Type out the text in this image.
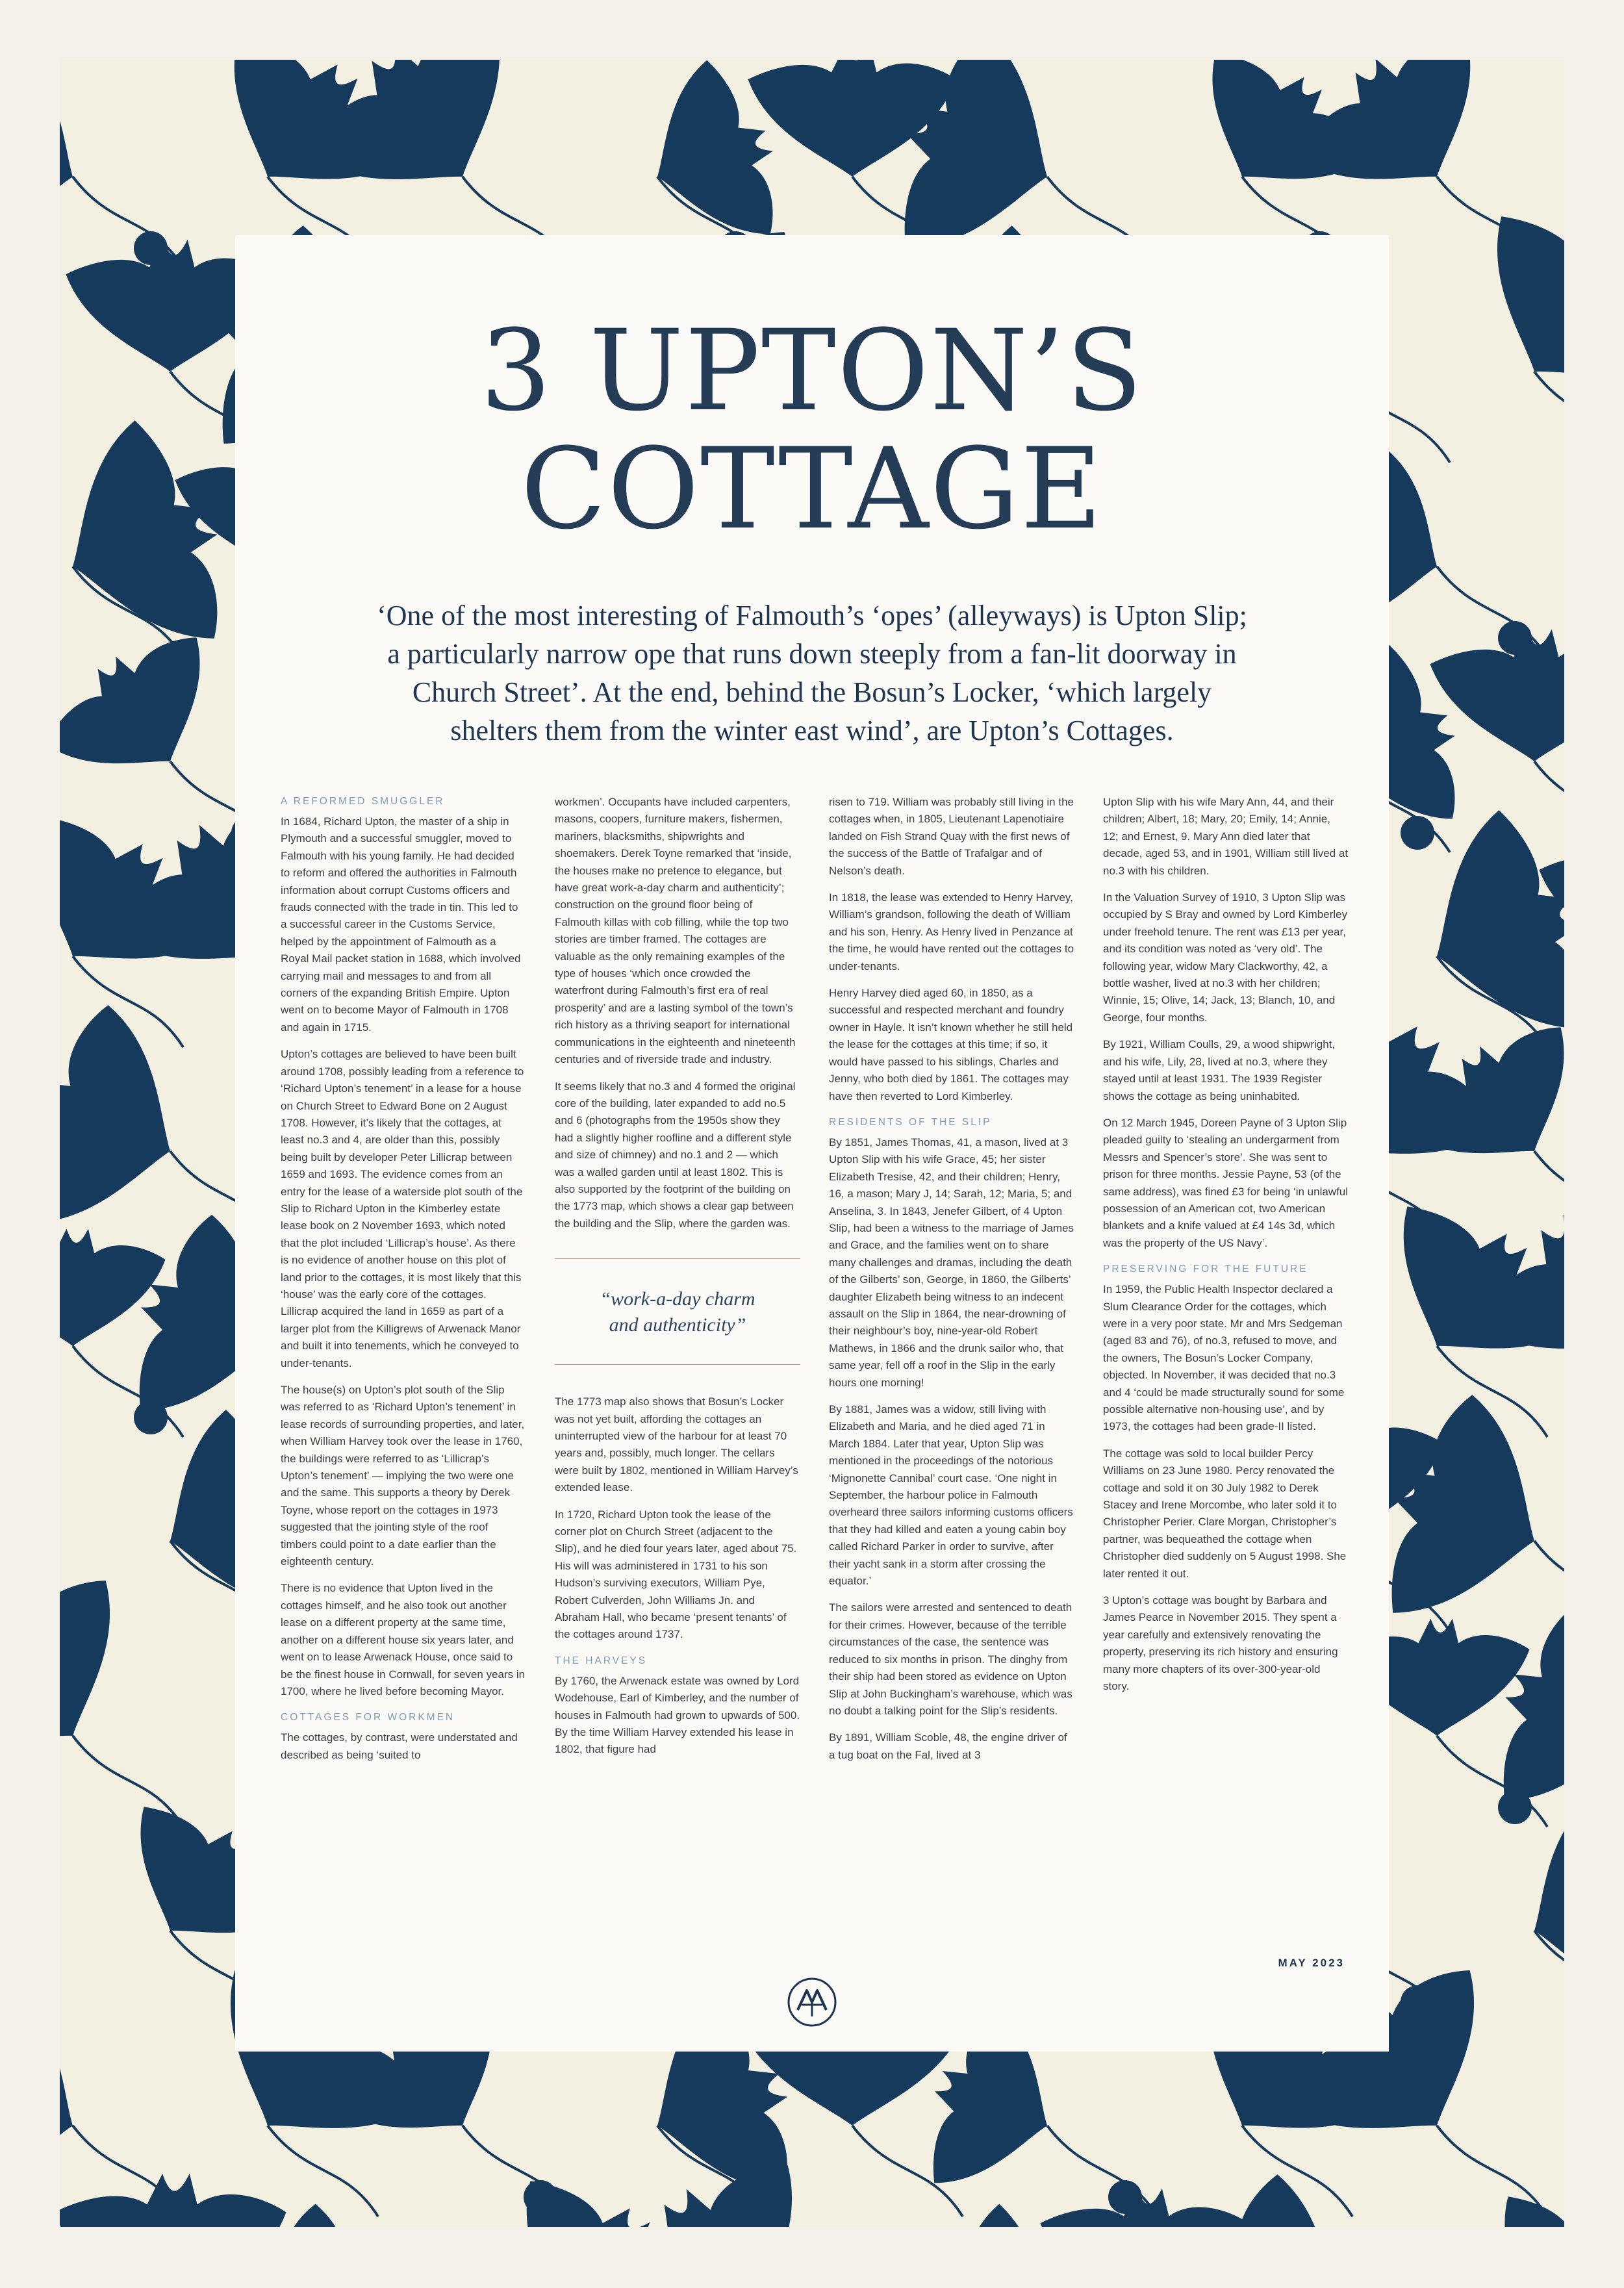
3 UPTON’S
COTTAGE

‘One of the most interesting of Falmouth’s ‘opes’ (alleyways) is Upton Slip; a particularly narrow ope that runs down steeply from a fan-lit doorway in Church Street’. At the end, behind the Bosun’s Locker, ‘which largely shelters them from the winter east wind’, are Upton’s Cottages.

A REFORMED SMUGGLER

In 1684, Richard Upton, the master of a ship in Plymouth and a successful smuggler, moved to Falmouth with his young family. He had decided to reform and offered the authorities in Falmouth information about corrupt Customs officers and frauds connected with the trade in tin. This led to a successful career in the Customs Service, helped by the appointment of Falmouth as a Royal Mail packet station in 1688, which involved carrying mail and messages to and from all corners of the expanding British Empire. Upton went on to become Mayor of Falmouth in 1708 and again in 1715.

Upton’s cottages are believed to have been built around 1708, possibly leading from a reference to ‘Richard Upton’s tenement’ in a lease for a house on Church Street to Edward Bone on 2 August 1708. However, it’s likely that the cottages, at least no.3 and 4, are older than this, possibly being built by developer Peter Lillicrap between 1659 and 1693. The evidence comes from an entry for the lease of a waterside plot south of the Slip to Richard Upton in the Kimberley estate lease book on 2 November 1693, which noted that the plot included ‘Lillicrap’s house’. As there is no evidence of another house on this plot of land prior to the cottages, it is most likely that this ‘house’ was the early core of the cottages. Lillicrap acquired the land in 1659 as part of a larger plot from the Killigrews of Arwenack Manor and built it into tenements, which he conveyed to under-tenants.

The house(s) on Upton’s plot south of the Slip was referred to as ‘Richard Upton’s tenement’ in lease records of surrounding properties, and later, when William Harvey took over the lease in 1760, the buildings were referred to as ‘Lillicrap’s Upton’s tenement’ — implying the two were one and the same. This supports a theory by Derek Toyne, whose report on the cottages in 1973 suggested that the jointing style of the roof timbers could point to a date earlier than the eighteenth century.

There is no evidence that Upton lived in the cottages himself, and he also took out another lease on a different property at the same time, another on a different house six years later, and went on to lease Arwenack House, once said to be the finest house in Cornwall, for seven years in 1700, where he lived before becoming Mayor.

COTTAGES FOR WORKMEN

The cottages, by contrast, were understated and described as being ‘suited to

workmen’. Occupants have included carpenters, masons, coopers, furniture makers, fishermen, mariners, blacksmiths, shipwrights and shoemakers. Derek Toyne remarked that ‘inside, the houses make no pretence to elegance, but have great work-a-day charm and authenticity’; construction on the ground floor being of Falmouth killas with cob filling, while the top two stories are timber framed. The cottages are valuable as the only remaining examples of the type of houses ‘which once crowded the waterfront during Falmouth’s first era of real prosperity’ and are a lasting symbol of the town’s rich history as a thriving seaport for international communications in the eighteenth and nineteenth centuries and of riverside trade and industry.

It seems likely that no.3 and 4 formed the original core of the building, later expanded to add no.5 and 6 (photographs from the 1950s show they had a slightly higher roofline and a different style and size of chimney) and no.1 and 2 — which was a walled garden until at least 1802. This is also supported by the footprint of the building on the 1773 map, which shows a clear gap between the building and the Slip, where the garden was.

“work-a-day charm
and authenticity”

The 1773 map also shows that Bosun’s Locker was not yet built, affording the cottages an uninterrupted view of the harbour for at least 70 years and, possibly, much longer. The cellars were built by 1802, mentioned in William Harvey’s extended lease.

In 1720, Richard Upton took the lease of the corner plot on Church Street (adjacent to the Slip), and he died four years later, aged about 75. His will was administered in 1731 to his son Hudson’s surviving executors, William Pye, Robert Culverden, John Williams Jn. and Abraham Hall, who became ‘present tenants’ of the cottages around 1737.

THE HARVEYS

By 1760, the Arwenack estate was owned by Lord Wodehouse, Earl of Kimberley, and the number of houses in Falmouth had grown to upwards of 500. By the time William Harvey extended his lease in 1802, that figure had

risen to 719. William was probably still living in the cottages when, in 1805, Lieutenant Lapenotiaire landed on Fish Strand Quay with the first news of the success of the Battle of Trafalgar and of Nelson’s death.

In 1818, the lease was extended to Henry Harvey, William’s grandson, following the death of William and his son, Henry. As Henry lived in Penzance at the time, he would have rented out the cottages to under-tenants.

Henry Harvey died aged 60, in 1850, as a successful and respected merchant and foundry owner in Hayle. It isn’t known whether he still held the lease for the cottages at this time; if so, it would have passed to his siblings, Charles and Jenny, who both died by 1861. The cottages may have then reverted to Lord Kimberley.

RESIDENTS OF THE SLIP

By 1851, James Thomas, 41, a mason, lived at 3 Upton Slip with his wife Grace, 45; her sister Elizabeth Tresise, 42, and their children; Henry, 16, a mason; Mary J, 14; Sarah, 12; Maria, 5; and Anselina, 3. In 1843, Jenefer Gilbert, of 4 Upton Slip, had been a witness to the marriage of James and Grace, and the families went on to share many challenges and dramas, including the death of the Gilberts’ son, George, in 1860, the Gilberts’ daughter Elizabeth being witness to an indecent assault on the Slip in 1864, the near-drowning of their neighbour’s boy, nine-year-old Robert Mathews, in 1866 and the drunk sailor who, that same year, fell off a roof in the Slip in the early hours one morning!

By 1881, James was a widow, still living with Elizabeth and Maria, and he died aged 71 in March 1884. Later that year, Upton Slip was mentioned in the proceedings of the notorious ‘Mignonette Cannibal’ court case. ‘One night in September, the harbour police in Falmouth overheard three sailors informing customs officers that they had killed and eaten a young cabin boy called Richard Parker in order to survive, after their yacht sank in a storm after crossing the equator.’

The sailors were arrested and sentenced to death for their crimes. However, because of the terrible circumstances of the case, the sentence was reduced to six months in prison. The dinghy from their ship had been stored as evidence on Upton Slip at John Buckingham’s warehouse, which was no doubt a talking point for the Slip’s residents.

By 1891, William Scoble, 48, the engine driver of a tug boat on the Fal, lived at 3

Upton Slip with his wife Mary Ann, 44, and their children; Albert, 18; Mary, 20; Emily, 14; Annie, 12; and Ernest, 9. Mary Ann died later that decade, aged 53, and in 1901, William still lived at no.3 with his children.

In the Valuation Survey of 1910, 3 Upton Slip was occupied by S Bray and owned by Lord Kimberley under freehold tenure. The rent was £13 per year, and its condition was noted as ‘very old’. The following year, widow Mary Clackworthy, 42, a bottle washer, lived at no.3 with her children; Winnie, 15; Olive, 14; Jack, 13; Blanch, 10, and George, four months.

By 1921, William Coulls, 29, a wood shipwright, and his wife, Lily, 28, lived at no.3, where they stayed until at least 1931. The 1939 Register shows the cottage as being uninhabited.

On 12 March 1945, Doreen Payne of 3 Upton Slip pleaded guilty to ‘stealing an undergarment from Messrs and Spencer’s store’. She was sent to prison for three months. Jessie Payne, 53 (of the same address), was fined £3 for being ‘in unlawful possession of an American cot, two American blankets and a knife valued at £4 14s 3d, which was the property of the US Navy’.

PRESERVING FOR THE FUTURE

In 1959, the Public Health Inspector declared a Slum Clearance Order for the cottages, which were in a very poor state. Mr and Mrs Sedgeman (aged 83 and 76), of no.3, refused to move, and the owners, The Bosun’s Locker Company, objected. In November, it was decided that no.3 and 4 ‘could be made structurally sound for some possible alternative non-housing use’, and by 1973, the cottages had been grade-II listed.

The cottage was sold to local builder Percy Williams on 23 June 1980. Percy renovated the cottage and sold it on 30 July 1982 to Derek Stacey and Irene Morcombe, who later sold it to Christopher Perier. Clare Morgan, Christopher’s partner, was bequeathed the cottage when Christopher died suddenly on 5 August 1998. She later rented it out.

3 Upton’s cottage was bought by Barbara and James Pearce in November 2015. They spent a year carefully and extensively renovating the property, preserving its rich history and ensuring many more chapters of its over-300-year-old story.

MAY 2023
